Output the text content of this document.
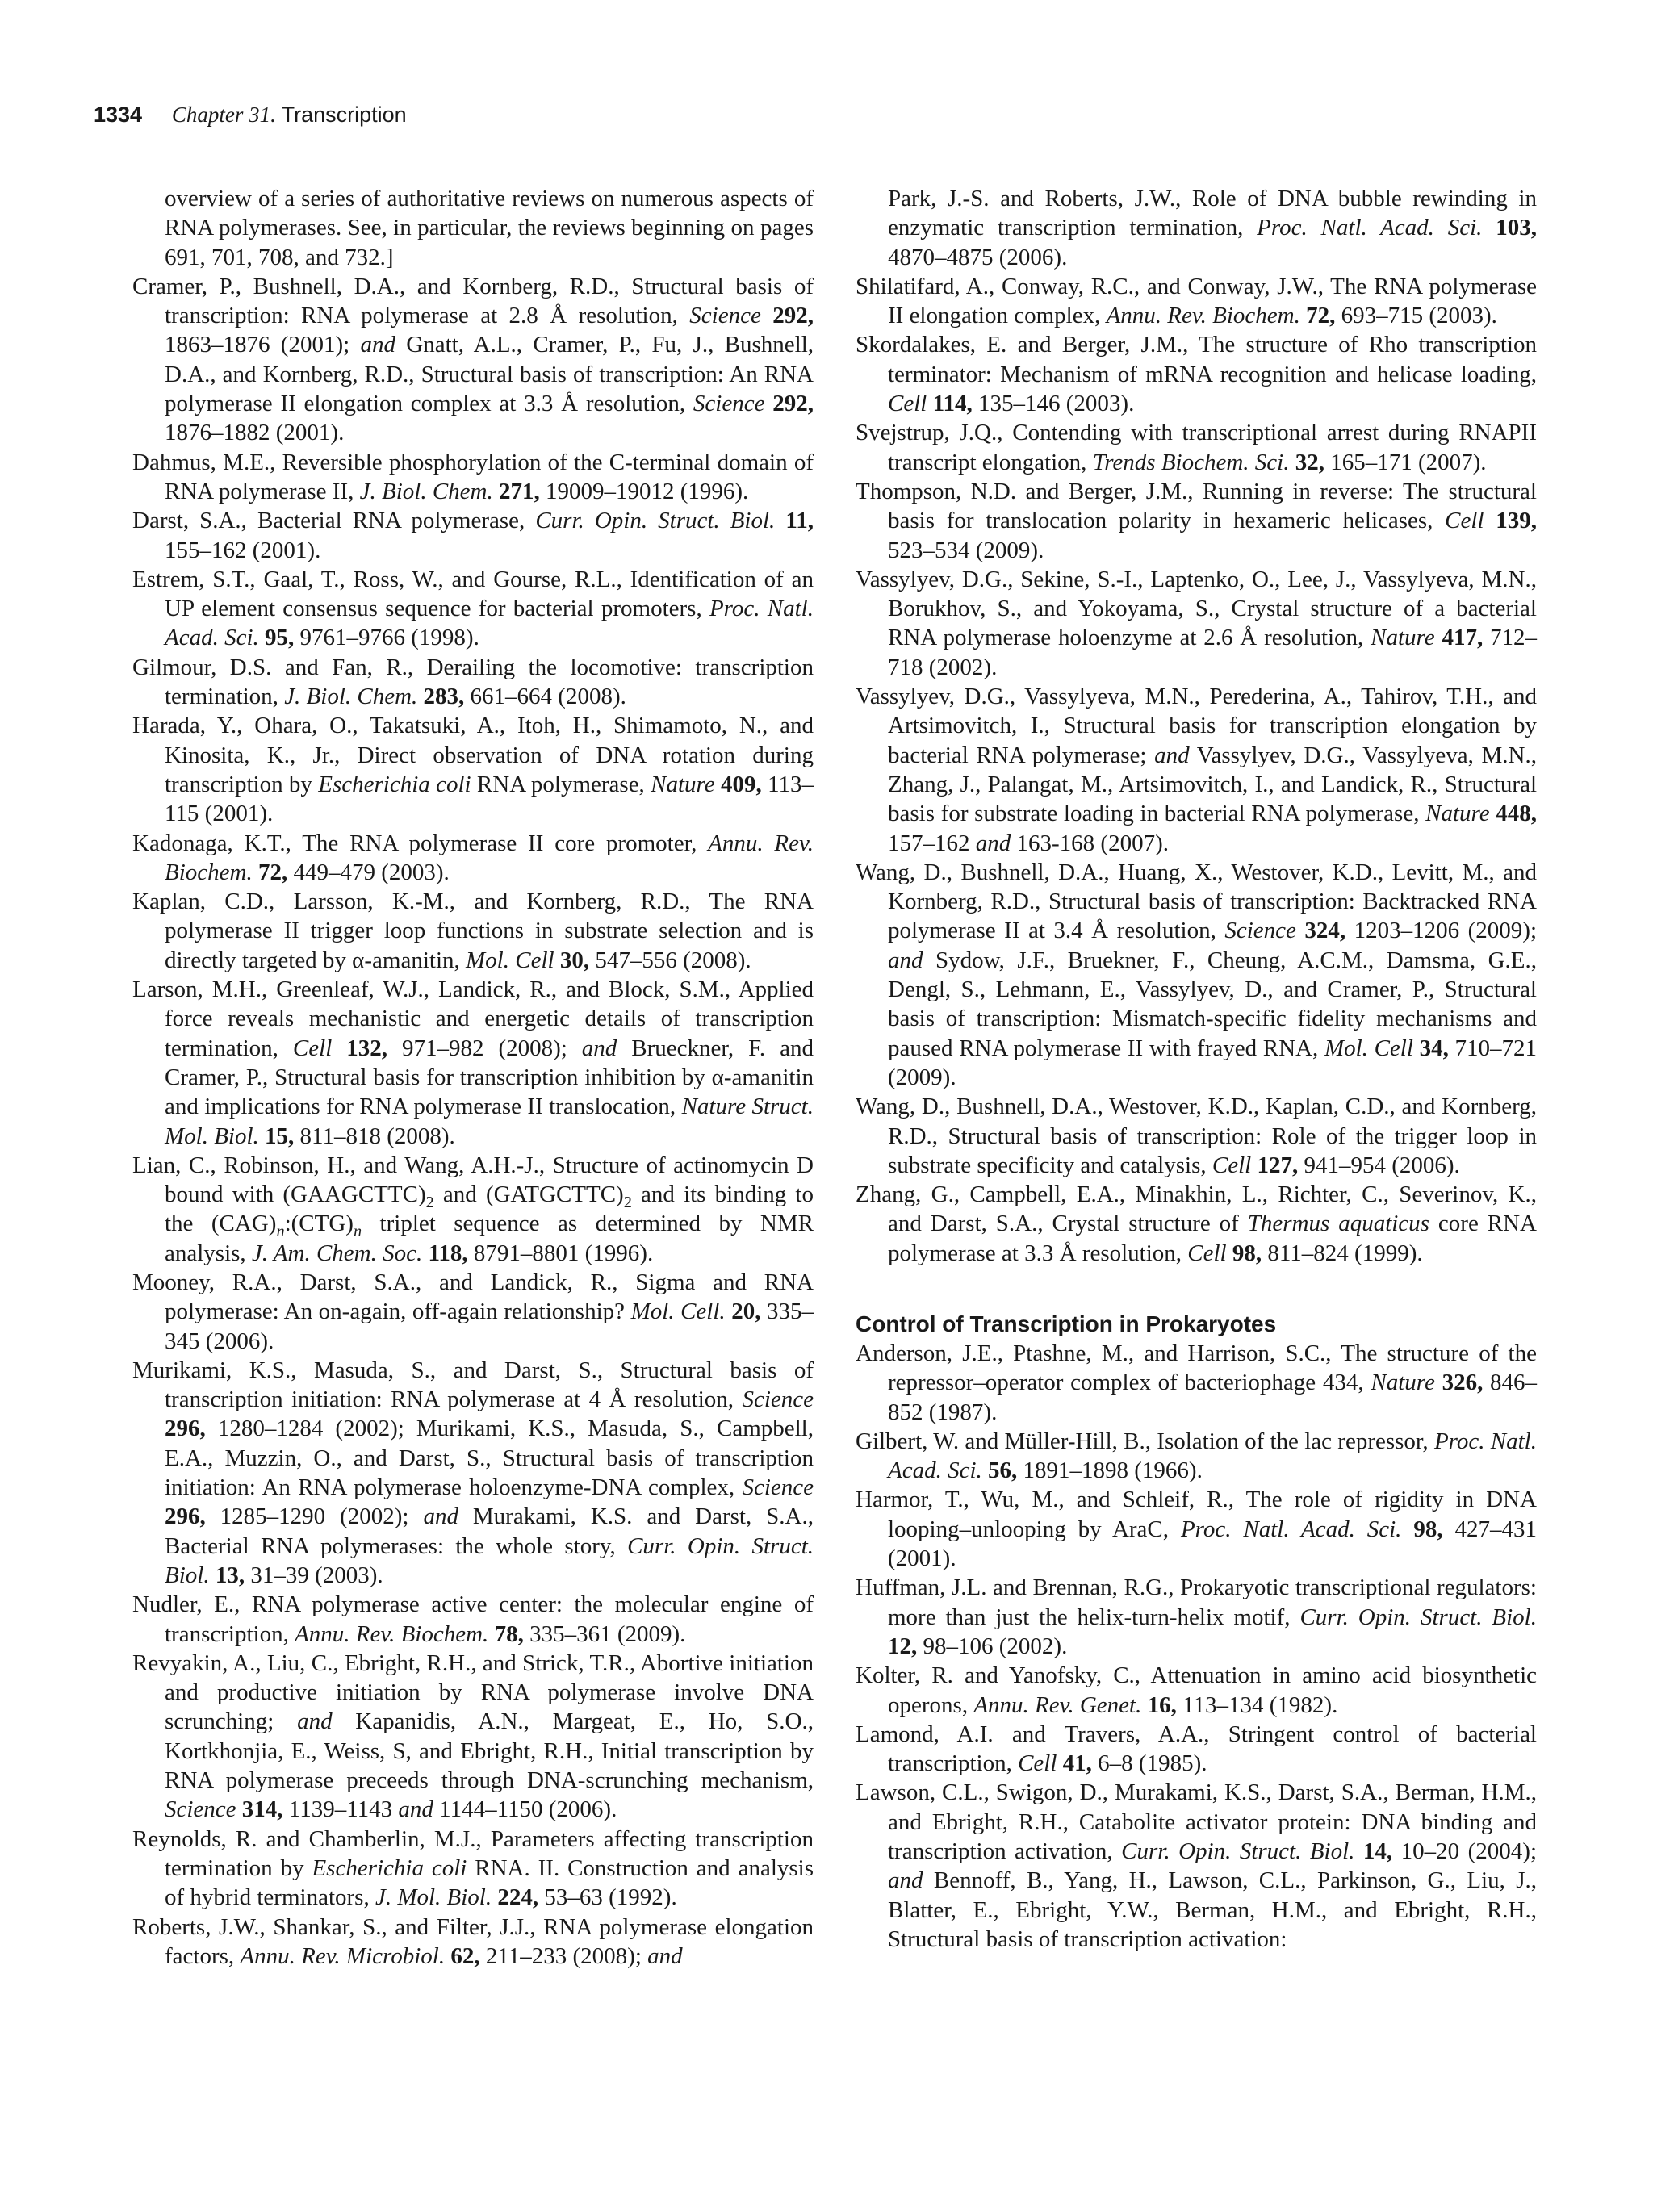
1334 Chapter 31. Transcription

overview of a series of authoritative reviews on numerous aspects of RNA polymerases. See, in particular, the reviews beginning on pages 691, 701, 708, and 732.]

Cramer, P., Bushnell, D.A., and Kornberg, R.D., Structural basis of transcription: RNA polymerase at 2.8 Å resolution, Science 292, 1863–1876 (2001); and Gnatt, A.L., Cramer, P., Fu, J., Bushnell, D.A., and Kornberg, R.D., Structural basis of transcription: An RNA polymerase II elongation complex at 3.3 Å resolution, Science 292, 1876–1882 (2001).

Dahmus, M.E., Reversible phosphorylation of the C-terminal domain of RNA polymerase II, J. Biol. Chem. 271, 19009–19012 (1996).

Darst, S.A., Bacterial RNA polymerase, Curr. Opin. Struct. Biol. 11, 155–162 (2001).

Estrem, S.T., Gaal, T., Ross, W., and Gourse, R.L., Identification of an UP element consensus sequence for bacterial promoters, Proc. Natl. Acad. Sci. 95, 9761–9766 (1998).

Gilmour, D.S. and Fan, R., Derailing the locomotive: transcription termination, J. Biol. Chem. 283, 661–664 (2008).

Harada, Y., Ohara, O., Takatsuki, A., Itoh, H., Shimamoto, N., and Kinosita, K., Jr., Direct observation of DNA rotation during transcription by Escherichia coli RNA polymerase, Nature 409, 113–115 (2001).

Kadonaga, K.T., The RNA polymerase II core promoter, Annu. Rev. Biochem. 72, 449–479 (2003).

Kaplan, C.D., Larsson, K.-M., and Kornberg, R.D., The RNA polymerase II trigger loop functions in substrate selection and is directly targeted by α-amanitin, Mol. Cell 30, 547–556 (2008).

Larson, M.H., Greenleaf, W.J., Landick, R., and Block, S.M., Applied force reveals mechanistic and energetic details of transcription termination, Cell 132, 971–982 (2008); and Brueckner, F. and Cramer, P., Structural basis for transcription inhibition by α-amanitin and implications for RNA polymerase II translocation, Nature Struct. Mol. Biol. 15, 811–818 (2008).

Lian, C., Robinson, H., and Wang, A.H.-J., Structure of actinomycin D bound with $(GAAGCTTC)_2$ and $(GATGCTTC)_2$ and its binding to the $(CAG)_n:(CTG)_n$ triplet sequence as determined by NMR analysis, J. Am. Chem. Soc. 118, 8791–8801 (1996).

Mooney, R.A., Darst, S.A., and Landick, R., Sigma and RNA polymerase: An on-again, off-again relationship? Mol. Cell. 20, 335–345 (2006).

Murikami, K.S., Masuda, S., and Darst, S., Structural basis of transcription initiation: RNA polymerase at 4 Å resolution, Science 296, 1280–1284 (2002); Murikami, K.S., Masuda, S., Campbell, E.A., Muzzin, O., and Darst, S., Structural basis of transcription initiation: An RNA polymerase holoenzyme-DNA complex, Science 296, 1285–1290 (2002); and Murakami, K.S. and Darst, S.A., Bacterial RNA polymerases: the whole story, Curr. Opin. Struct. Biol. 13, 31–39 (2003).

Nudler, E., RNA polymerase active center: the molecular engine of transcription, Annu. Rev. Biochem. 78, 335–361 (2009).

Revyakin, A., Liu, C., Ebright, R.H., and Strick, T.R., Abortive initiation and productive initiation by RNA polymerase involve DNA scrunching; and Kapanidis, A.N., Margeat, E., Ho, S.O., Kortkhonjia, E., Weiss, S, and Ebright, R.H., Initial transcription by RNA polymerase preceeds through DNA-scrunching mechanism, Science 314, 1139–1143 and 1144–1150 (2006).

Reynolds, R. and Chamberlin, M.J., Parameters affecting transcription termination by Escherichia coli RNA. II. Construction and analysis of hybrid terminators, J. Mol. Biol. 224, 53–63 (1992).

Roberts, J.W., Shankar, S., and Filter, J.J., RNA polymerase elongation factors, Annu. Rev. Microbiol. 62, 211–233 (2008); and

Park, J.-S. and Roberts, J.W., Role of DNA bubble rewinding in enzymatic transcription termination, Proc. Natl. Acad. Sci. 103, 4870–4875 (2006).

Shilatifard, A., Conway, R.C., and Conway, J.W., The RNA polymerase II elongation complex, Annu. Rev. Biochem. 72, 693–715 (2003).

Skordalakes, E. and Berger, J.M., The structure of Rho transcription terminator: Mechanism of mRNA recognition and helicase loading, Cell 114, 135–146 (2003).

Svejstrup, J.Q., Contending with transcriptional arrest during RNAPII transcript elongation, Trends Biochem. Sci. 32, 165–171 (2007).

Thompson, N.D. and Berger, J.M., Running in reverse: The structural basis for translocation polarity in hexameric helicases, Cell 139, 523–534 (2009).

Vassylyev, D.G., Sekine, S.-I., Laptenko, O., Lee, J., Vassylyeva, M.N., Borukhov, S., and Yokoyama, S., Crystal structure of a bacterial RNA polymerase holoenzyme at 2.6 Å resolution, Nature 417, 712–718 (2002).

Vassylyev, D.G., Vassylyeva, M.N., Perederina, A., Tahirov, T.H., and Artsimovitch, I., Structural basis for transcription elongation by bacterial RNA polymerase; and Vassylyev, D.G., Vassylyeva, M.N., Zhang, J., Palangat, M., Artsimovitch, I., and Landick, R., Structural basis for substrate loading in bacterial RNA polymerase, Nature 448, 157–162 and 163-168 (2007).

Wang, D., Bushnell, D.A., Huang, X., Westover, K.D., Levitt, M., and Kornberg, R.D., Structural basis of transcription: Backtracked RNA polymerase II at 3.4 Å resolution, Science 324, 1203–1206 (2009); and Sydow, J.F., Bruekner, F., Cheung, A.C.M., Damsma, G.E., Dengl, S., Lehmann, E., Vassylyev, D., and Cramer, P., Structural basis of transcription: Mismatch-specific fidelity mechanisms and paused RNA polymerase II with frayed RNA, Mol. Cell 34, 710–721 (2009).

Wang, D., Bushnell, D.A., Westover, K.D., Kaplan, C.D., and Kornberg, R.D., Structural basis of transcription: Role of the trigger loop in substrate specificity and catalysis, Cell 127, 941–954 (2006).

Zhang, G., Campbell, E.A., Minakhin, L., Richter, C., Severinov, K., and Darst, S.A., Crystal structure of Thermus aquaticus core RNA polymerase at 3.3 Å resolution, Cell 98, 811–824 (1999).

Control of Transcription in Prokaryotes

Anderson, J.E., Ptashne, M., and Harrison, S.C., The structure of the repressor–operator complex of bacteriophage 434, Nature 326, 846–852 (1987).

Gilbert, W. and Müller-Hill, B., Isolation of the lac repressor, Proc. Natl. Acad. Sci. 56, 1891–1898 (1966).

Harmor, T., Wu, M., and Schleif, R., The role of rigidity in DNA looping–unlooping by AraC, Proc. Natl. Acad. Sci. 98, 427–431 (2001).

Huffman, J.L. and Brennan, R.G., Prokaryotic transcriptional regulators: more than just the helix-turn-helix motif, Curr. Opin. Struct. Biol. 12, 98–106 (2002).

Kolter, R. and Yanofsky, C., Attenuation in amino acid biosynthetic operons, Annu. Rev. Genet. 16, 113–134 (1982).

Lamond, A.I. and Travers, A.A., Stringent control of bacterial transcription, Cell 41, 6–8 (1985).

Lawson, C.L., Swigon, D., Murakami, K.S., Darst, S.A., Berman, H.M., and Ebright, R.H., Catabolite activator protein: DNA binding and transcription activation, Curr. Opin. Struct. Biol. 14, 10–20 (2004); and Bennoff, B., Yang, H., Lawson, C.L., Parkinson, G., Liu, J., Blatter, E., Ebright, Y.W., Berman, H.M., and Ebright, R.H., Structural basis of transcription activation:
